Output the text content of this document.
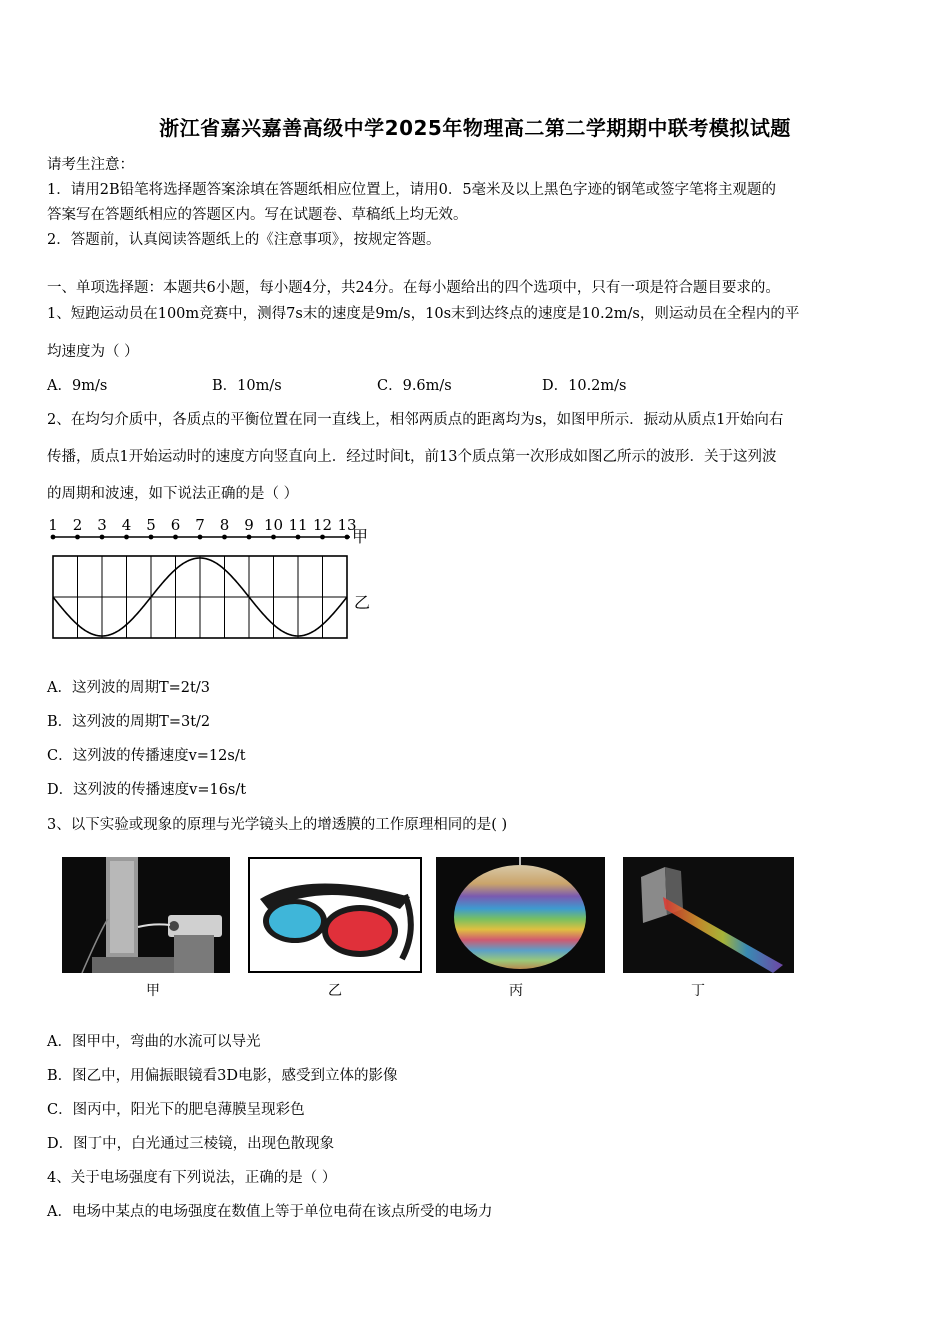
浙江省嘉兴嘉善高级中学2025年物理高二第二学期期中联考模拟试题
请考生注意：
1．请用2B铅笔将选择题答案涂填在答题纸相应位置上，请用0．5毫米及以上黑色字迹的钢笔或签字笔将主观题的
答案写在答题纸相应的答题区内。写在试题卷、草稿纸上均无效。
2．答题前，认真阅读答题纸上的《注意事项》，按规定答题。
一、单项选择题：本题共6小题，每小题4分，共24分。在每小题给出的四个选项中，只有一项是符合题目要求的。
1、短跑运动员在100m竞赛中，测得7s末的速度是9m/s，10s末到达终点的速度是10.2m/s，则运动员在全程内的平
均速度为（ ）
A．9m/s	B．10m/s	C．9.6m/s	D．10.2m/s
2、在均匀介质中，各质点的平衡位置在同一直线上，相邻两质点的距离均为s，如图甲所示．振动从质点1开始向右
传播，质点1开始运动时的速度方向竖直向上．经过时间t，前13个质点第一次形成如图乙所示的波形．关于这列波
的周期和波速，如下说法正确的是（ ）
1 2 3 4 5 6 7 8 9 10 11 12 13
甲
乙
A．这列波的周期T=2t/3
B．这列波的周期T=3t/2
C．这列波的传播速度v=12s/t
D．这列波的传播速度v=16s/t
3、以下实验或现象的原理与光学镜头上的增透膜的工作原理相同的是( )
甲	乙	丙	丁
A．图甲中，弯曲的水流可以导光
B．图乙中，用偏振眼镜看3D电影，感受到立体的影像
C．图丙中，阳光下的肥皂薄膜呈现彩色
D．图丁中，白光通过三棱镜，出现色散现象
4、关于电场强度有下列说法，正确的是（ ）
A．电场中某点的电场强度在数值上等于单位电荷在该点所受的电场力
